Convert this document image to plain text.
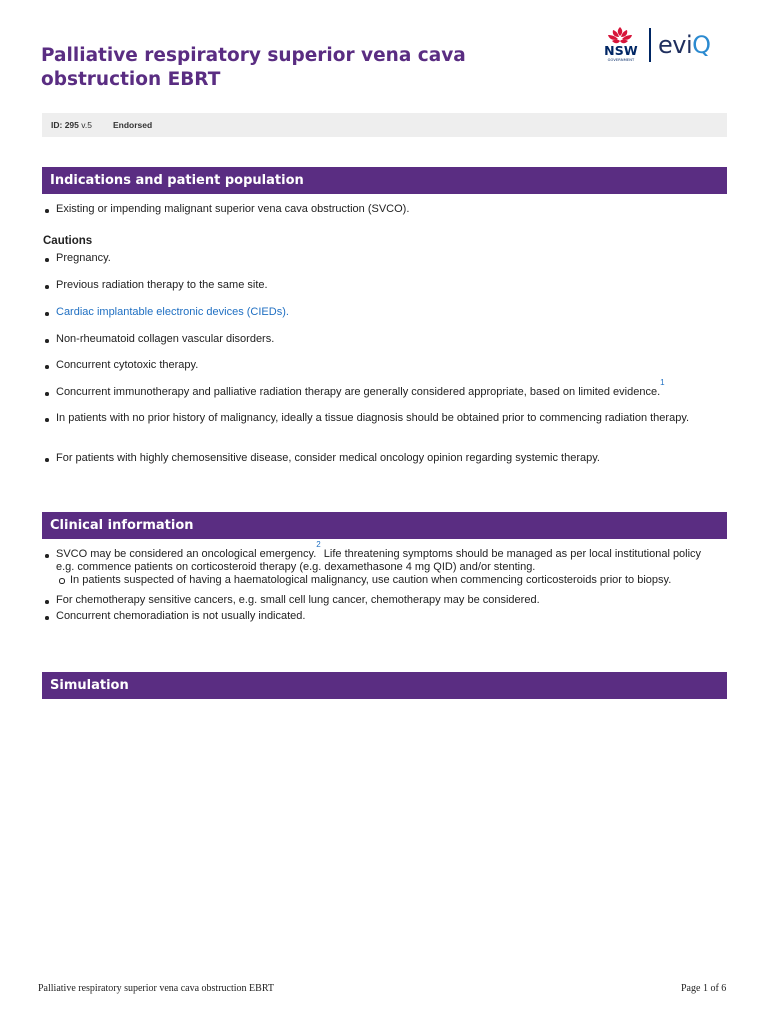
Palliative respiratory superior vena cava obstruction EBRT
NSW
GOVERNMENT
eviQ
ID: 295 v.5 Endorsed
Indications and patient population
Existing or impending malignant superior vena cava obstruction (SVCO).
Cautions
Pregnancy.
Previous radiation therapy to the same site.
Cardiac implantable electronic devices (CIEDs).
Non-rheumatoid collagen vascular disorders.
Concurrent cytotoxic therapy.
Concurrent immunotherapy and palliative radiation therapy are generally considered appropriate, based on limited evidence.$^1$
In patients with no prior history of malignancy, ideally a tissue diagnosis should be obtained prior to commencing radiation therapy.
For patients with highly chemosensitive disease, consider medical oncology opinion regarding systemic therapy.
Clinical information
SVCO may be considered an oncological emergency.$^2$ Life threatening symptoms should be managed as per local institutional policy e.g. commence patients on corticosteroid therapy (e.g. dexamethasone 4 mg QID) and/or stenting.
In patients suspected of having a haematological malignancy, use caution when commencing corticosteroids prior to biopsy.
For chemotherapy sensitive cancers, e.g. small cell lung cancer, chemotherapy may be considered.
Concurrent chemoradiation is not usually indicated.
Simulation
Palliative respiratory superior vena cava obstruction EBRT	Page 1 of 6
